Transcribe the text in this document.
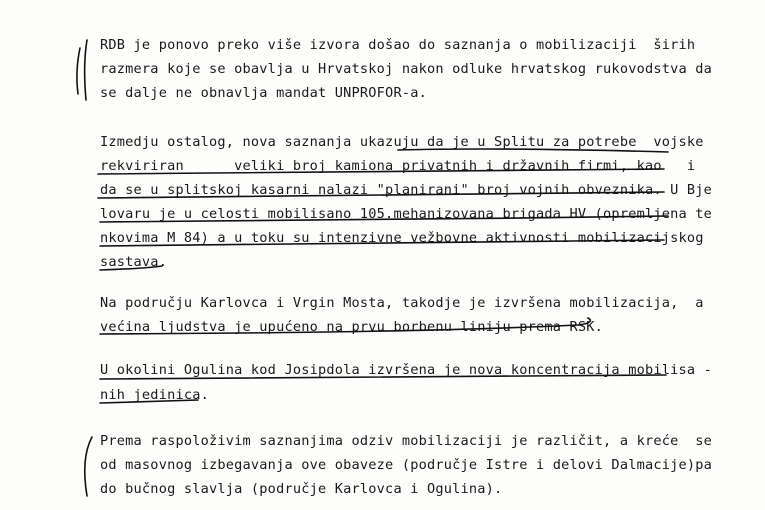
RDB je ponovo preko više izvora došao do saznanja o mobilizaciji  širih
razmera koje se obavlja u Hrvatskoj nakon odluke hrvatskog rukovodstva da
se dalje ne obnavlja mandat UNPROFOR-a.
Izmedju ostalog, nova saznanja ukazuju da je u Splitu za potrebe  vojske
rekviriran      veliki broj kamiona privatnih i državnih firmi, kao   i
da se u splitskoj kasarni nalazi "planirani" broj vojnih obveznika. U Bje
lovaru je u celosti mobilisano 105.mehanizovana brigada HV (opremljena te
nkovima M 84) a u toku su intenzivne vežbovne aktivnosti mobilizacijskog
sastava.
Na području Karlovca i Vrgin Mosta, takodje je izvršena mobilizacija,  a
većina ljudstva je upućeno na prvu borbenu liniju prema RSK.
U okolini Ogulina kod Josipdola izvršena je nova koncentracija mobilisa -
nih jedinica.
Prema raspoloživim saznanjima odziv mobilizaciji je različit, a kreće  se
od masovnog izbegavanja ove obaveze (područje Istre i delovi Dalmacije)pa
do bučnog slavlja (područje Karlovca i Ogulina).
